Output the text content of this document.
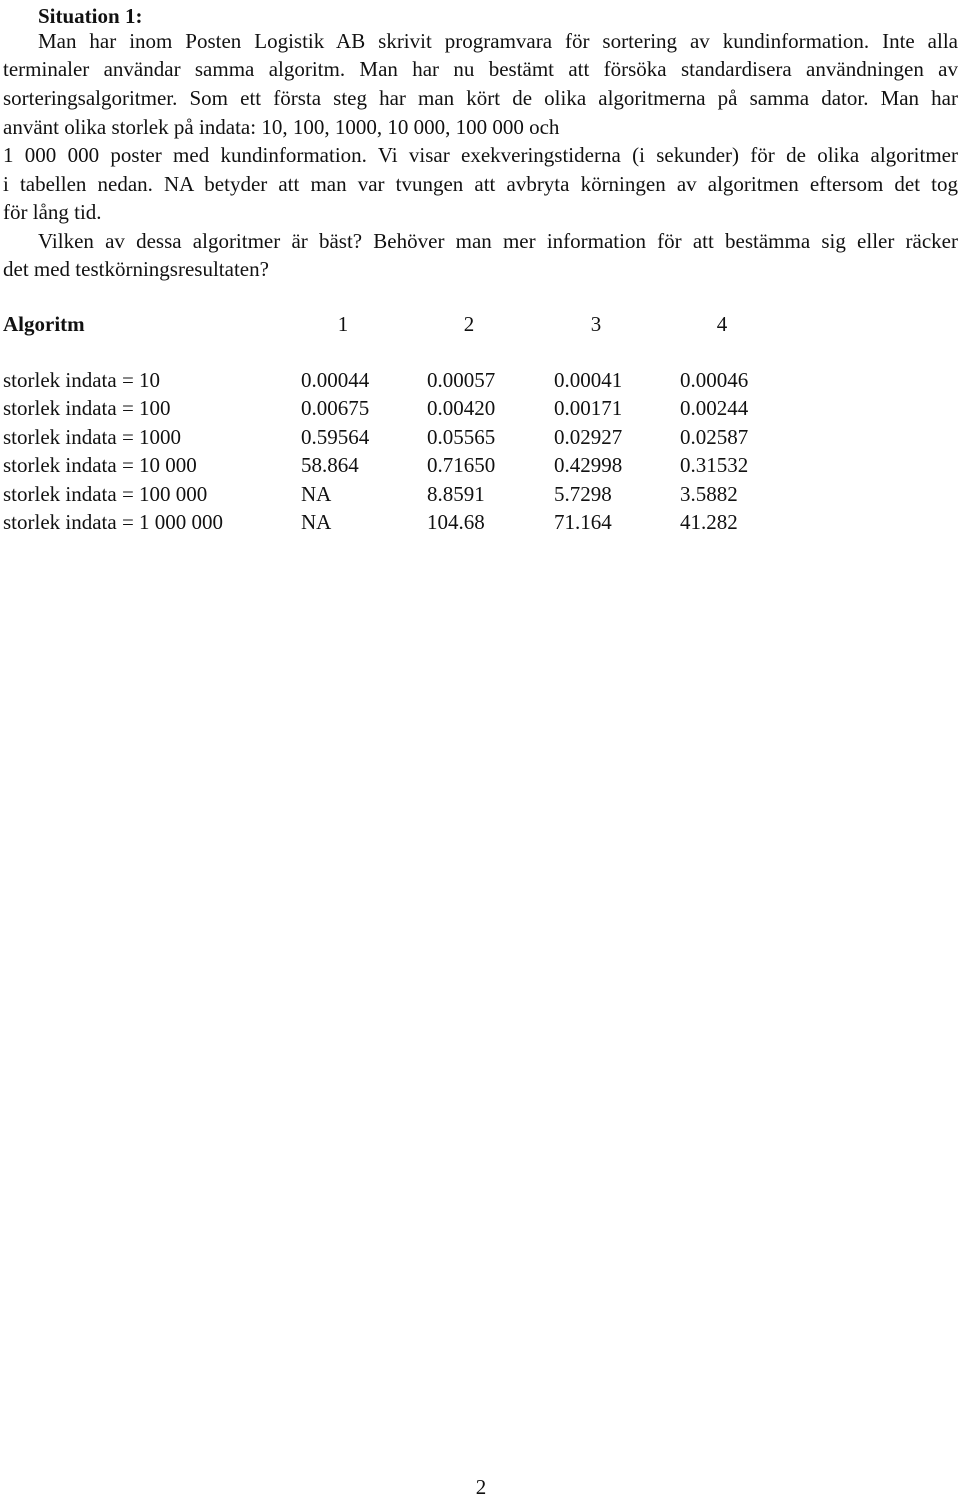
Situation 1:
Man har inom Posten Logistik AB skrivit programvara för sortering av kundinformation. Inte alla
terminaler användar samma algoritm. Man har nu bestämt att försöka standardisera användningen av
sorteringsalgoritmer. Som ett första steg har man kört de olika algoritmerna på samma dator. Man har
använt olika storlek på indata: 10, 100, 1000, 10 000, 100 000 och
1 000 000 poster med kundinformation. Vi visar exekveringstiderna (i sekunder) för de olika algoritmer
i tabellen nedan. NA betyder att man var tvungen att avbryta körningen av algoritmen eftersom det tog
för lång tid.
Vilken av dessa algoritmer är bäst? Behöver man mer information för att bestämma sig eller räcker
det med testkörningsresultaten?
Algoritm	1	2	3	4
storlek indata = 10	0.00044	0.00057	0.00041	0.00046
storlek indata = 100	0.00675	0.00420	0.00171	0.00244
storlek indata = 1000	0.59564	0.05565	0.02927	0.02587
storlek indata = 10 000	58.864	0.71650	0.42998	0.31532
storlek indata = 100 000	NA	8.8591	5.7298	3.5882
storlek indata = 1 000 000	NA	104.68	71.164	41.282
2
